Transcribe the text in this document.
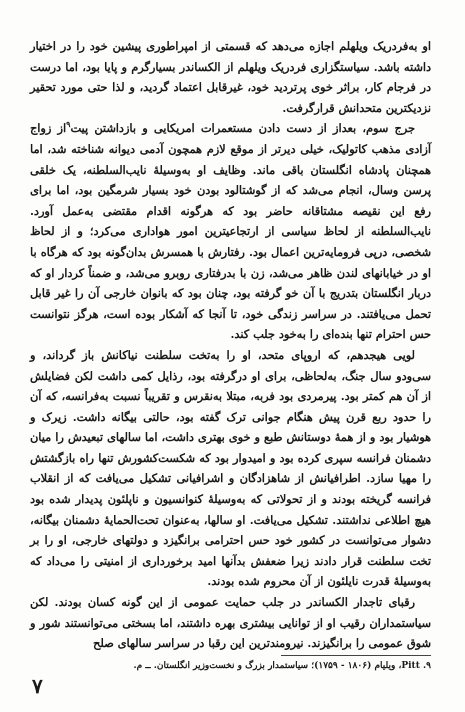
او به‌فردریک ویلهلم اجازه می‌دهد که قسمتی از امپراطوری پیشین خود را در اختیار داشته باشد. سیاستگزاری فردریک ویلهلم از الکساندر بسیارگرم و پایا بود، اما درست در فرجام کار، براثر خوی پرتردید خود، غیرقابل اعتماد گردید، و لذا حتی مورد تحقیر نزدیکترین متحدانش قرارگرفت.

جرج سوم، بعداز از دست دادن مستعمرات امریکایی و بازداشتن پیت$^۹$از زواج آزادی مذهب کاتولیک، خیلی دیرتر از موقع لازم همچون آدمی دیوانه شناخته شد، اما همچنان پادشاه انگلستان باقی ماند. وظایف او به‌وسیلهٔ نایب‌السلطنه، یک خلقی پرسن وسال، انجام می‌شد که از گوشتالود بودن خود بسیار شرمگین بود، اما برای رفع این نقیصه مشتاقانه حاضر بود که هرگونه اقدام مقتضی به‌عمل آورد. نایب‌السلطنه از لحاظ سیاسی از ارتجاعیترین امور هواداری می‌کرد؛ و از لحاظ شخصی، درپی فرومایه‌ترین اعمال بود. رفتارش با همسرش بدان‌گونه بود که هرگاه با او در خیابانهای لندن ظاهر می‌شد، زن با بدرفتاری روبرو می‌شد، و ضمناً کردار او که دربار انگلستان بتدریج با آن خو گرفته بود، چنان بود که بانوان خارجی آن را غیر قابل تحمل می‌یافتند. در سراسر زندگی خود، تا آنجا که آشکار بوده است، هرگز نتوانست حس احترام تنها بنده‌ای را به‌خود جلب کند.

لویی هیجدهم، که اروپای متحد، او را به‌تخت سلطنت نیاکانش باز گرداند، و سی‌ودو سال جنگ، به‌لحاظی، برای او درگرفته بود، رذایل کمی داشت لکن فضایلش از آن هم کمتر بود. پیرمردی بود فربه، مبتلا به‌نقرس و تقریباً نسبت به‌فرانسه، که آن را حدود ربع قرن پیش هنگام جوانی ترک گفته بود، حالتی بیگانه داشت. زیرک و هوشیار بود و از همهٔ دوستانش طبع و خوی بهتری داشت، اما سالهای تبعیدش را میان دشمنان فرانسه سپری کرده بود و امیدوار بود که شکست‌کشورش تنها راه بازگشتش را مهیا سازد. اطرافیانش از شاهزادگان و اشرافیانی تشکیل می‌یافت که از انقلاب فرانسه گریخته بودند و از تحولاتی که به‌وسیلهٔ کنوانسیون و ناپلئون پدیدار شده بود هیچ اطلاعی نداشتند. تشکیل می‌یافت. او سالها، به‌عنوان تحت‌الحمایهٔ دشمنان بیگانه، دشوار می‌توانست در کشور خود حس احترامی برانگیزد و دولتهای خارجی، او را بر تخت سلطنت قرار دادند زیرا ضعفش بدآنها امید برخورداری از امنیتی را می‌داد که به‌وسیلهٔ قدرت نایلئون از آن محروم شده بودند.

رقبای تاجدار الکساندر در جلب حمایت عمومی از این گونه کسان بودند. لکن سیاستمداران رقیب او از توانایی بیشتری بهره داشتند، اما بسختی می‌توانستند شور و شوق عمومی را برانگیزند. نیرومندترین این رقبا در سراسر سالهای صلح

۹. Pitt، ویلیام (۱۸۰۶ - ۱۷۵۹)؛ سیاستمدار بزرگ و نخست‌وزیر انگلستان. ــ م.
۷
